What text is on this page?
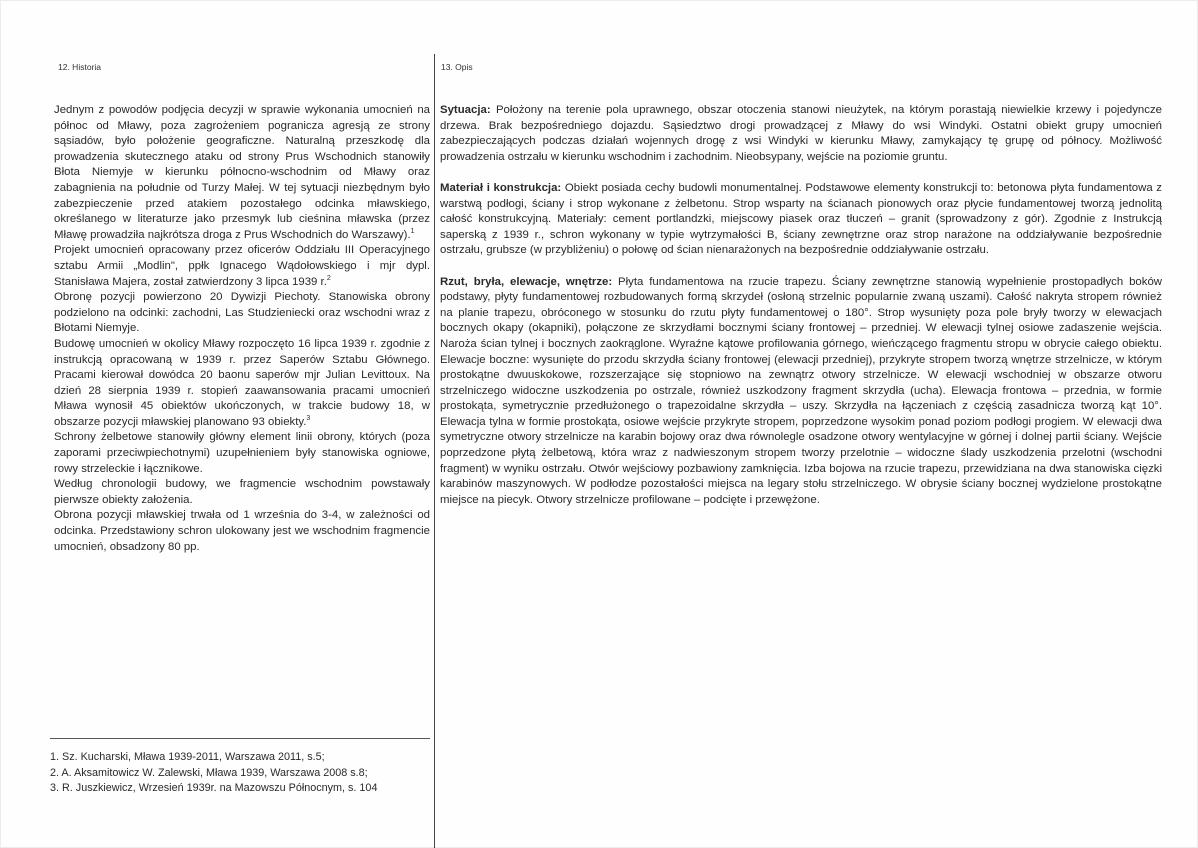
12. Historia	13. Opis

Jednym z powodów podjęcia decyzji w sprawie wykonania umocnień na północ od Mławy, poza zagrożeniem pogranicza agresją ze strony sąsiadów, było położenie geograficzne. Naturalną przeszkodę dla prowadzenia skutecznego ataku od strony Prus Wschodnich stanowiły Błota Niemyje w kierunku północno-wschodnim od Mławy oraz zabagnienia na południe od Turzy Małej. W tej sytuacji niezbędnym było zabezpieczenie przed atakiem pozostałego odcinka mławskiego, określanego w literaturze jako przesmyk lub cieśnina mławska (przez Mławę prowadziła najkrótsza droga z Prus Wschodnich do Warszawy).$^1$

Projekt umocnień opracowany przez oficerów Oddziału III Operacyjnego sztabu Armii „Modlin", ppłk Ignacego Wądołowskiego i mjr dypl. Stanisława Majera, został zatwierdzony 3 lipca 1939 r.$^2$

Obronę pozycji powierzono 20 Dywizji Piechoty. Stanowiska obrony podzielono na odcinki: zachodni, Las Studzieniecki oraz wschodni wraz z Błotami Niemyje.

Budowę umocnień w okolicy Mławy rozpoczęto 16 lipca 1939 r. zgodnie z instrukcją opracowaną w 1939 r. przez Saperów Sztabu Głównego. Pracami kierował dowódca 20 baonu saperów mjr Julian Levittoux. Na dzień 28 sierpnia 1939 r. stopień zaawansowania pracami umocnień Mława wynosił 45 obiektów ukończonych, w trakcie budowy 18, w obszarze pozycji mławskiej planowano 93 obiekty.$^3$

Schrony żelbetowe stanowiły główny element linii obrony, których (poza zaporami przeciwpiechotnymi) uzupełnieniem były stanowiska ogniowe, rowy strzeleckie i łącznikowe.

Według chronologii budowy, we fragmencie wschodnim powstawały pierwsze obiekty założenia.

Obrona pozycji mławskiej trwała od 1 września do 3-4, w zależności od odcinka. Przedstawiony schron ulokowany jest we wschodnim fragmencie umocnień, obsadzony 80 pp.

Sytuacja: Położony na terenie pola uprawnego, obszar otoczenia stanowi nieużytek, na którym porastają niewielkie krzewy i pojedyncze drzewa. Brak bezpośredniego dojazdu. Sąsiedztwo drogi prowadzącej z Mławy do wsi Windyki. Ostatni obiekt grupy umocnień zabezpieczających podczas działań wojennych drogę z wsi Windyki w kierunku Mławy, zamykający tę grupę od północy. Możliwość prowadzenia ostrzału w kierunku wschodnim i zachodnim. Nieobsypany, wejście na poziomie gruntu.

Materiał i konstrukcja: Obiekt posiada cechy budowli monumentalnej. Podstawowe elementy konstrukcji to: betonowa płyta fundamentowa z warstwą podłogi, ściany i strop wykonane z żelbetonu. Strop wsparty na ścianach pionowych oraz płycie fundamentowej tworzą jednolitą całość konstrukcyjną. Materiały: cement portlandzki, miejscowy piasek oraz tłuczeń – granit (sprowadzony z gór). Zgodnie z Instrukcją saperską z 1939 r., schron wykonany w typie wytrzymałości B, ściany zewnętrzne oraz strop narażone na oddziaływanie bezpośrednie ostrzału, grubsze (w przybliżeniu) o połowę od ścian nienarażonych na bezpośrednie oddziaływanie ostrzału.

Rzut, bryła, elewacje, wnętrze: Płyta fundamentowa na rzucie trapezu. Ściany zewnętrzne stanowią wypełnienie prostopadłych boków podstawy, płyty fundamentowej rozbudowanych formą skrzydeł (osłoną strzelnic popularnie zwaną uszami). Całość nakryta stropem również na planie trapezu, obróconego w stosunku do rzutu płyty fundamentowej o 180°. Strop wysunięty poza pole bryły tworzy w elewacjach bocznych okapy (okapniki), połączone ze skrzydłami bocznymi ściany frontowej – przedniej. W elewacji tylnej osiowe zadaszenie wejścia. Naroża ścian tylnej i bocznych zaokrąglone. Wyraźne kątowe profilowania górnego, wieńczącego fragmentu stropu w obrycie całego obiektu. Elewacje boczne: wysunięte do przodu skrzydła ściany frontowej (elewacji przedniej), przykryte stropem tworzą wnętrze strzelnicze, w którym prostokątne dwuuskokowe, rozszerzające się stopniowo na zewnątrz otwory strzelnicze. W elewacji wschodniej w obszarze otworu strzelniczego widoczne uszkodzenia po ostrzale, również uszkodzony fragment skrzydła (ucha). Elewacja frontowa – przednia, w formie prostokąta, symetrycznie przedłużonego o trapezoidalne skrzydła – uszy. Skrzydła na łączeniach z częścią zasadnicza tworzą kąt 10°. Elewacja tylna w formie prostokąta, osiowe wejście przykryte stropem, poprzedzone wysokim ponad poziom podłogi progiem. W elewacji dwa symetryczne otwory strzelnicze na karabin bojowy oraz dwa równolegle osadzone otwory wentylacyjne w górnej i dolnej partii ściany. Wejście poprzedzone płytą żelbetową, która wraz z nadwieszonym stropem tworzy przelotnie – widoczne ślady uszkodzenia przelotni (wschodni fragment) w wyniku ostrzału. Otwór wejściowy pozbawiony zamknięcia. Izba bojowa na rzucie trapezu, przewidziana na dwa stanowiska cięzki karabinów maszynowych. W podłodze pozostałości miejsca na legary stołu strzelniczego. W obrysie ściany bocznej wydzielone prostokątne miejsce na piecyk. Otwory strzelnicze profilowane – podcięte i przewężone.

1. Sz. Kucharski, Mława 1939-2011, Warszawa 2011, s.5;

2. A. Aksamitowicz W. Zalewski, Mława 1939, Warszawa 2008 s.8;

3. R. Juszkiewicz, Wrzesień 1939r. na Mazowszu Północnym, s. 104
